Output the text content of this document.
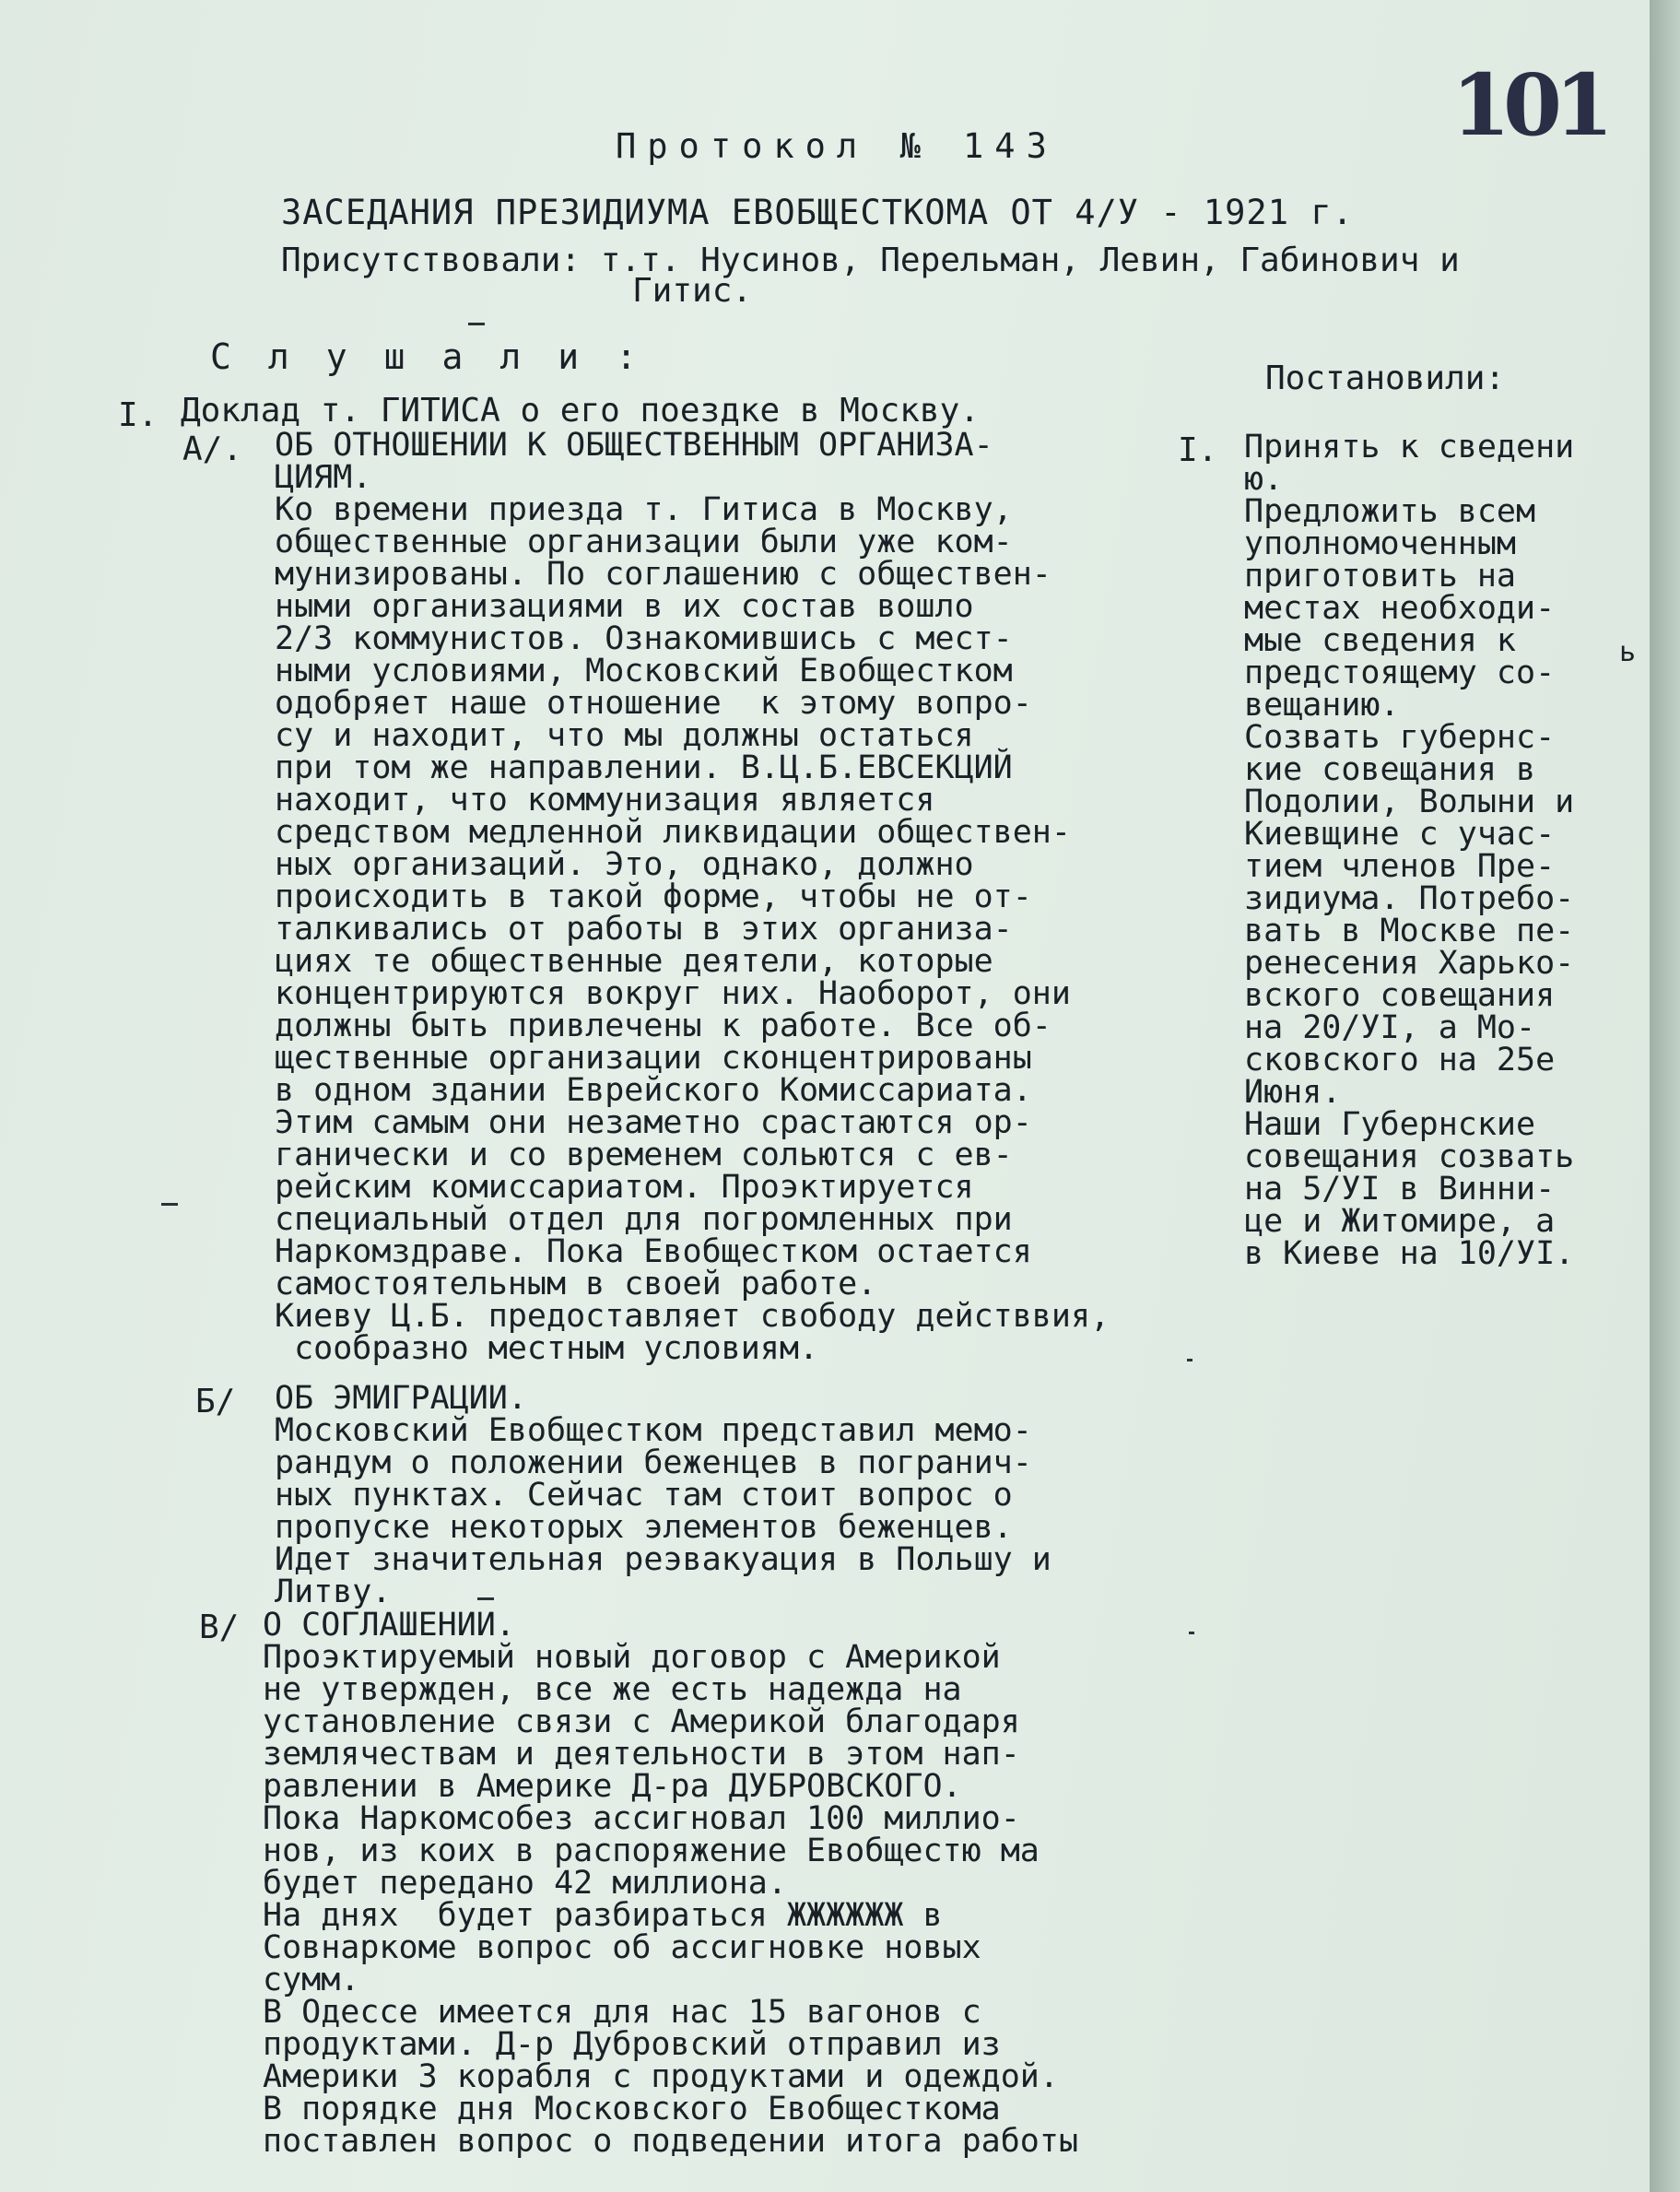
101
Протокол № 143
ЗАСЕДАНИЯ ПРЕЗИДИУМА ЕВОБЩЕСТКОМА ОТ 4/У - 1921 г.
Присутствовали: т.т. Нусинов, Перельман, Левин, Габинович и
Гитис.
Слушали:
Постановили:
I. Доклад т. ГИТИСА о его поездке в Москву.
А/. ОБ ОТНОШЕНИИ К ОБЩЕСТВЕННЫМ ОРГАНИЗА-
ЦИЯМ.
Ко времени приезда т. Гитиса в Москву,
общественные организации были уже ком-
мунизированы. По соглашению с обществен-
ными организациями в их состав вошло
2/3 коммунистов. Ознакомившись с мест-
ными условиями, Московский Евобщестком
одобряет наше отношение  к этому вопро-
су и находит, что мы должны остаться
при том же направлении. В.Ц.Б.ЕВСЕКЦИЙ
находит, что коммунизация является
средством медленной ликвидации обществен-
ных организаций. Это, однако, должно
происходить в такой форме, чтобы не от-
талкивались от работы в этих организа-
циях те общественные деятели, которые
концентрируются вокруг них. Наоборот, они
должны быть привлечены к работе. Все об-
щественные организации сконцентрированы
в одном здании Еврейского Комиссариата.
Этим самым они незаметно срастаются ор-
ганически и со временем сольются с ев-
рейским комиссариатом. Проэктируется
специальный отдел для погромленных при
Наркомздраве. Пока Евобщестком остается
самостоятельным в своей работе.
Киеву Ц.Б. предоставляет свободу действвия,
сообразно местным условиям.
Б/ ОБ ЭМИГРАЦИИ.
Московский Евобщестком представил мемо-
рандум о положении беженцев в погранич-
ных пунктах. Сейчас там стоит вопрос о
пропуске некоторых элементов беженцев.
Идет значительная реэвакуация в Польшу и
Литву.
В/ О СОГЛАШЕНИИ.
Проэктируемый новый договор с Америкой
не утвержден, все же есть надежда на
установление связи с Америкой благодаря
землячествам и деятельности в этом нап-
равлении в Америке Д-ра ДУБРОВСКОГО.
Пока Наркомсобез ассигновал 100 миллио-
нов, из коих в распоряжение Евобщестю ма
будет передано 42 миллиона.
На днях  будет разбираться ЖЖЖЖЖЖ в
Совнаркоме вопрос об ассигновке новых
сумм.
В Одессе имеется для нас 15 вагонов с
продуктами. Д-р Дубровский отправил из
Америки 3 корабля с продуктами и одеждой.
В порядке дня Московского Евобщесткома
поставлен вопрос о подведении итога работы
I. Принять к сведени
ю.
Предложить всем
уполномоченным
приготовить на
местах необходи-
мые сведения к
предстоящему со-
вещанию.
Созвать губернс-
кие совещания в
Подолии, Волыни и
Киевщине с учас-
тием членов Пре-
зидиума. Потребо-
вать в Москве пе-
ренесения Харько-
вского совещания
на 20/УI, а Мо-
сковского на 25е
Июня.
Наши Губернские
совещания созвать
на 5/УI в Винни-
це и Житомире, а
в Киеве на 10/УI.
ь
